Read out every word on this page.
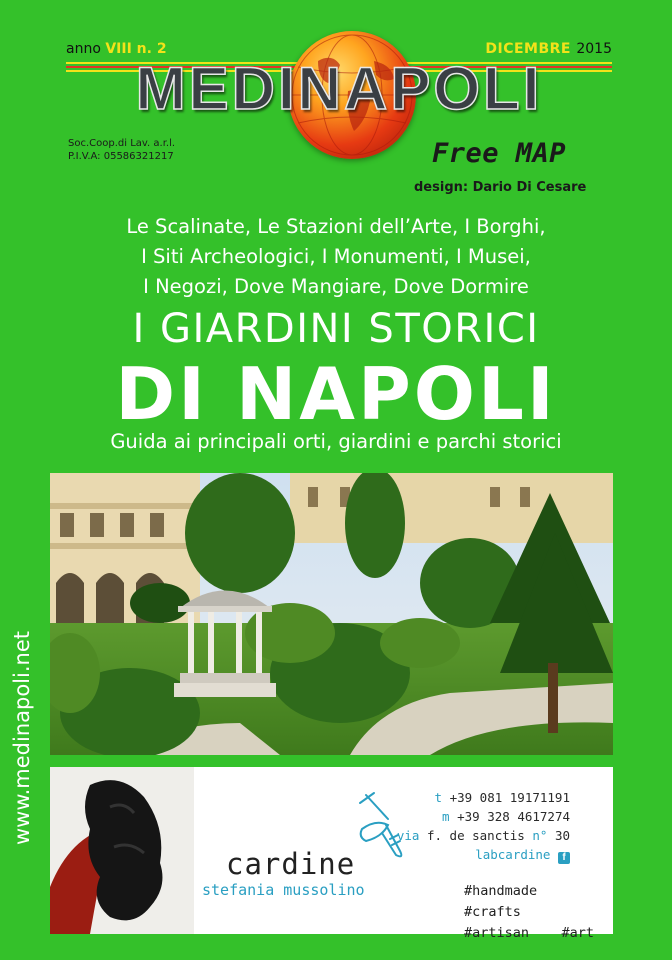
anno VIII n. 2	DICEMBRE 2015
MEDINAPOLI
Soc.Coop.di Lav. a.r.l.
P.I.V.A: 05586321217	Free MAP
design: Dario Di Cesare
Le Scalinate, Le Stazioni dell’Arte, I Borghi,
I Siti Archeologici, I Monumenti, I Musei,
I Negozi, Dove Mangiare, Dove Dormire
I GIARDINI STORICI
DI NAPOLI
Guida ai principali orti, giardini e parchi storici
www.medinapoli.net
cardine
stefania mussolino
t +39 081 19171191
m +39 328 4617274
via f. de sanctis n° 30
labcardine f
#handmade #crafts
#artisan #art
